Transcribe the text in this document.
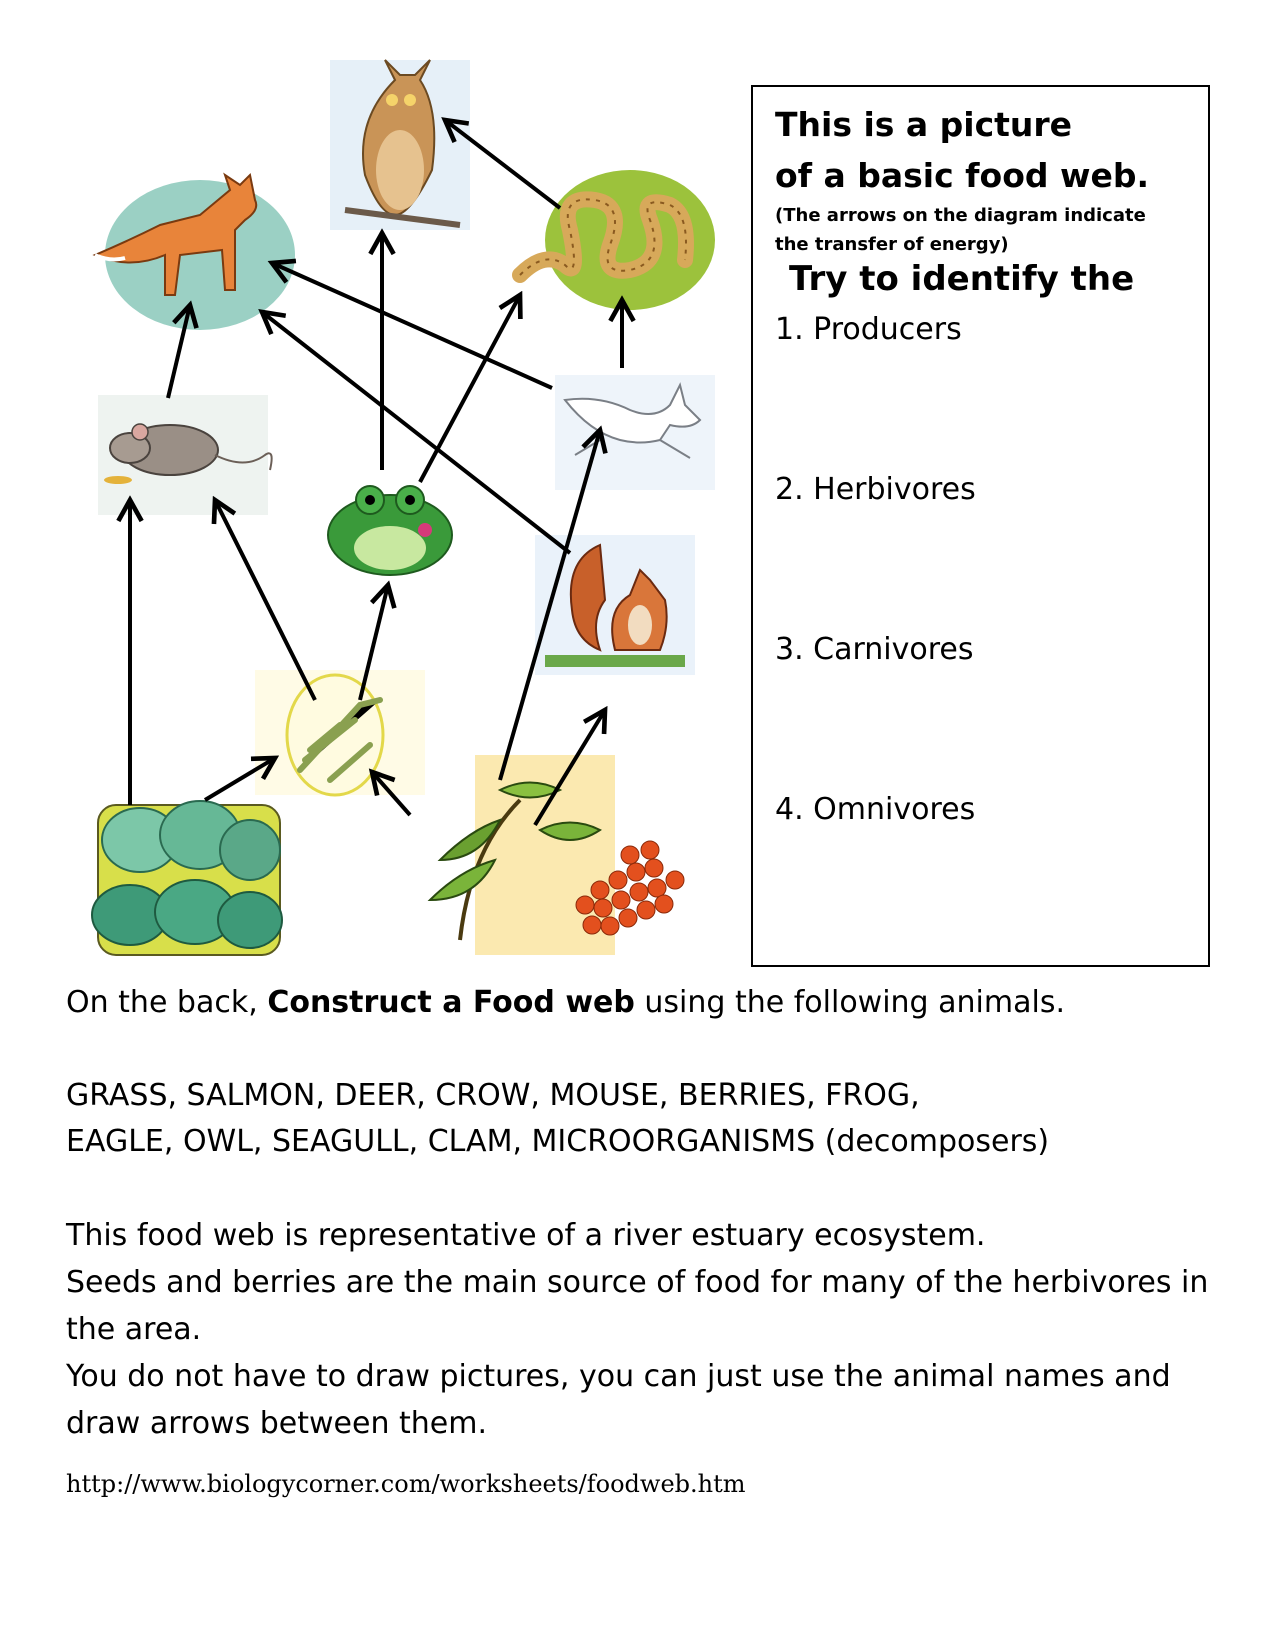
This is a picture
of a basic food web.
(The arrows on the diagram indicate
the transfer of energy)
Try to identify the
1. Producers
2. Herbivores
3. Carnivores
4. Omnivores
On the back, Construct a Food web using the following animals.
GRASS, SALMON, DEER, CROW, MOUSE, BERRIES, FROG,
EAGLE, OWL, SEAGULL, CLAM, MICROORGANISMS (decomposers)
This food web is representative of a river estuary ecosystem.
Seeds and berries are the main source of food for many of the herbivores in the area.
You do not have to draw pictures, you can just use the animal names and draw arrows between them.
http://www.biologycorner.com/worksheets/foodweb.htm
